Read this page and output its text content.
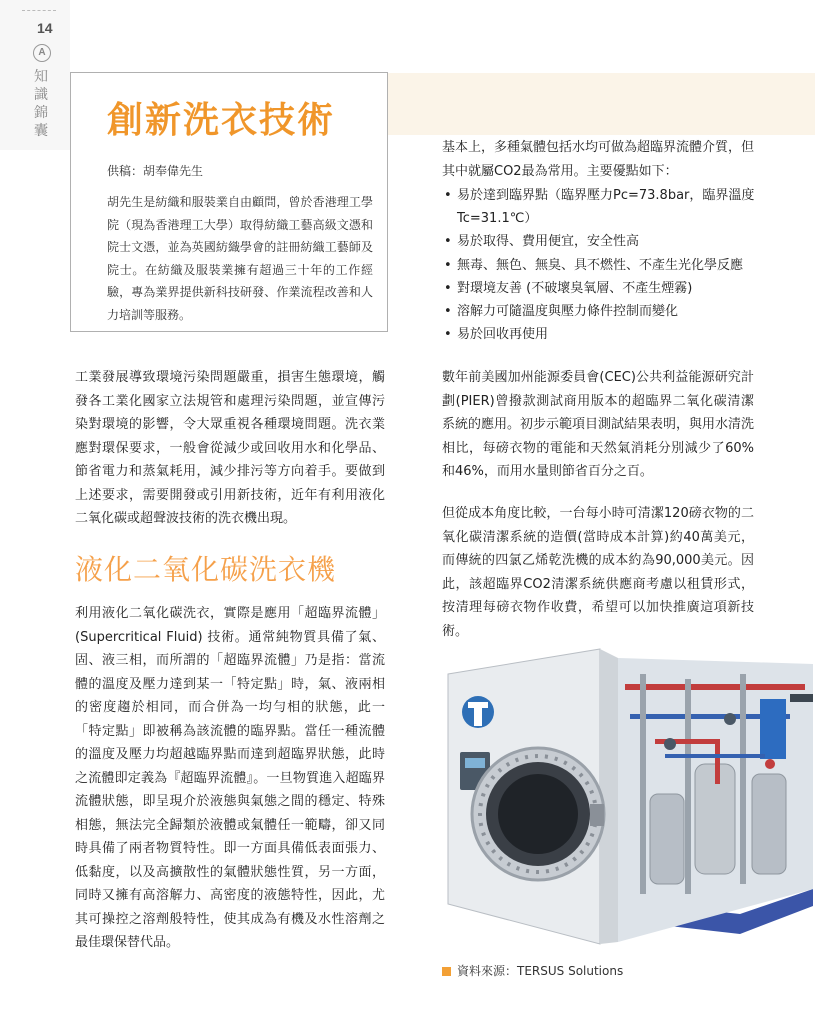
14
A
知識錦囊 創新洗衣技術
供稿：胡奉偉先生

胡先生是紡織和服裝業自由顧問，曾於香港理工學院（現為香港理工大學）取得紡織工藝高級文憑和院士文憑，並為英國紡織學會的註冊紡織工藝師及院士。在紡織及服裝業擁有超過三十年的工作經驗，專為業界提供新科技研發、作業流程改善和人力培訓等服務。

工業發展導致環境污染問題嚴重，損害生態環境，觸發各工業化國家立法規管和處理污染問題，並宣傳污染對環境的影響，令大眾重視各種環境問題。洗衣業應對環保要求，一般會從減少或回收用水和化學品、節省電力和蒸氣耗用，減少排污等方向着手。要做到上述要求，需要開發或引用新技術，近年有利用液化二氧化碳或超聲波技術的洗衣機出現。

液化二氧化碳洗衣機

利用液化二氧化碳洗衣，實際是應用「超臨界流體」(Supercritical Fluid) 技術。通常純物質具備了氣、固、液三相，而所謂的「超臨界流體」乃是指：當流體的溫度及壓力達到某一「特定點」時，氣、液兩相的密度趨於相同，而合併為一均勻相的狀態，此一「特定點」即被稱為該流體的臨界點。當任一種流體的溫度及壓力均超越臨界點而達到超臨界狀態，此時之流體即定義為『超臨界流體』。一旦物質進入超臨界流體狀態，即呈現介於液態與氣態之間的穩定、特殊相態，無法完全歸類於液體或氣體任一範疇，卻又同時具備了兩者物質特性。即一方面具備低表面張力、低黏度，以及高擴散性的氣體狀態性質，另一方面，同時又擁有高溶解力、高密度的液態特性，因此，尤其可操控之溶劑般特性，使其成為有機及水性溶劑之最佳環保替代品。

基本上，多種氣體包括水均可做為超臨界流體介質，但其中就屬CO2最為常用。主要優點如下：

• 易於達到臨界點（臨界壓力Pc=73.8bar，臨界溫度Tc=31.1℃）
• 易於取得、費用便宜，安全性高
• 無毒、無色、無臭、具不燃性、不產生光化學反應
• 對環境友善 (不破壞臭氧層、不產生煙霧)
• 溶解力可隨溫度與壓力條件控制而變化
• 易於回收再使用

數年前美國加州能源委員會(CEC)公共利益能源研究計劃(PIER)曾撥款測試商用版本的超臨界二氧化碳清潔系統的應用。初步示範項目測試結果表明，與用水清洗相比，每磅衣物的電能和天然氣消耗分別減少了60%和46%，而用水量則節省百分之百。

但從成本角度比較，一台每小時可清潔120磅衣物的二氧化碳清潔系統的造價(當時成本計算)約40萬美元，而傳統的四氯乙烯乾洗機的成本約為90,000美元。因此，該超臨界CO2清潔系統供應商考慮以租賃形式，按清理每磅衣物作收費，希望可以加快推廣這項新技術。

資料來源：TERSUS Solutions
